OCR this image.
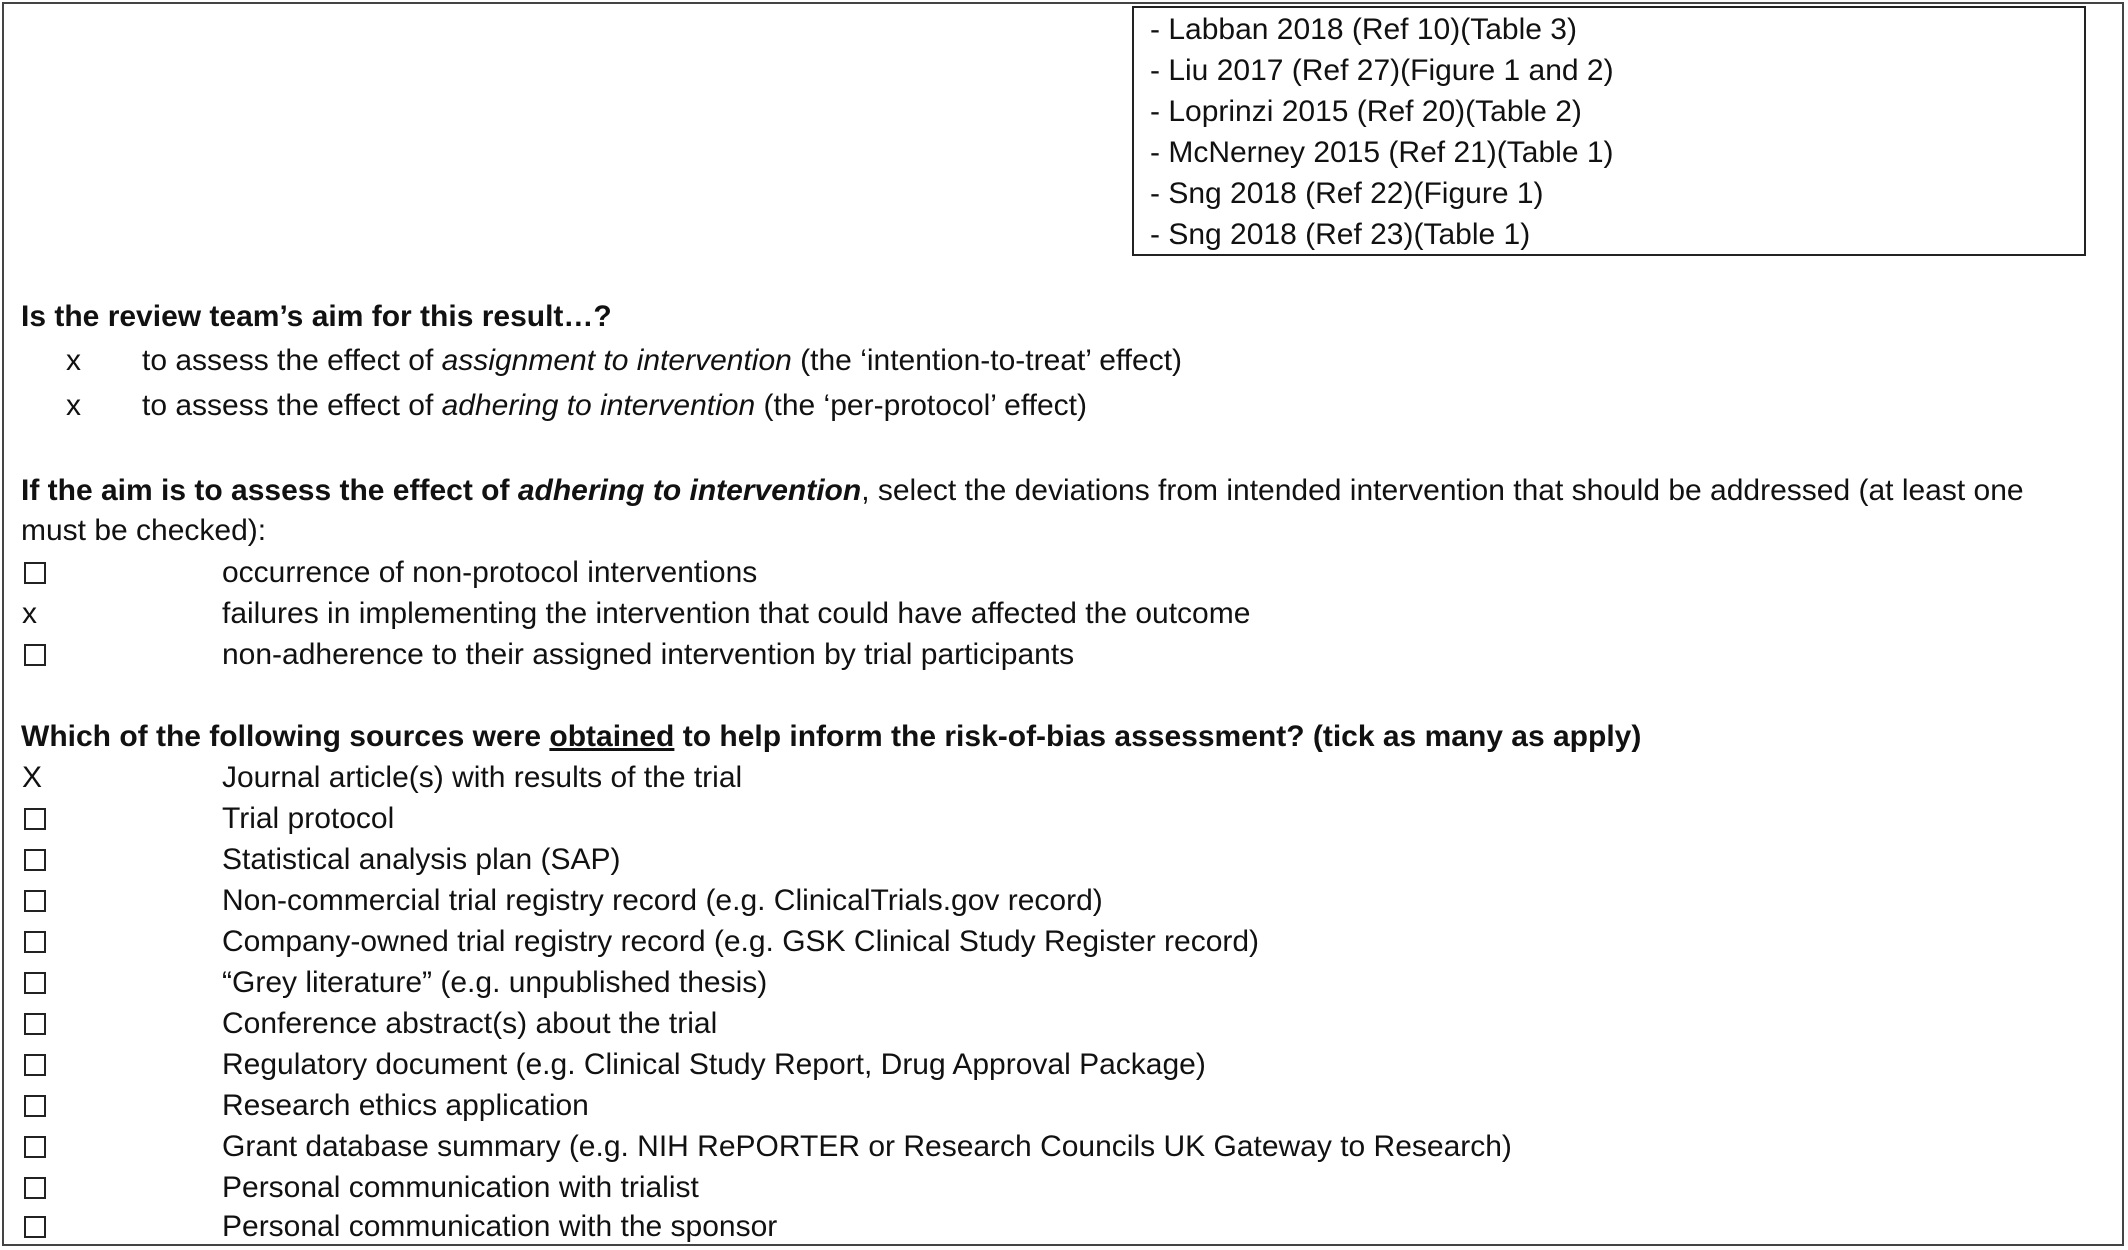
- Labban 2018 (Ref 10)(Table 3)
- Liu 2017 (Ref 27)(Figure 1 and 2)
- Loprinzi 2015 (Ref 20)(Table 2)
- McNerney 2015 (Ref 21)(Table 1)
- Sng 2018 (Ref 22)(Figure 1)
- Sng 2018 (Ref 23)(Table 1)
Is the review team’s aim for this result…?
x to assess the effect of assignment to intervention (the ‘intention-to-treat’ effect)
x to assess the effect of adhering to intervention (the ‘per-protocol’ effect)
If the aim is to assess the effect of adhering to intervention, select the deviations from intended intervention that should be addressed (at least one
must be checked):
occurrence of non-protocol interventions
x	failures in implementing the intervention that could have affected the outcome
non-adherence to their assigned intervention by trial participants
Which of the following sources were obtained to help inform the risk-of-bias assessment? (tick as many as apply)
X	Journal article(s) with results of the trial
Trial protocol
Statistical analysis plan (SAP)
Non-commercial trial registry record (e.g. ClinicalTrials.gov record)
Company-owned trial registry record (e.g. GSK Clinical Study Register record)
“Grey literature” (e.g. unpublished thesis)
Conference abstract(s) about the trial
Regulatory document (e.g. Clinical Study Report, Drug Approval Package)
Research ethics application
Grant database summary (e.g. NIH RePORTER or Research Councils UK Gateway to Research)
Personal communication with trialist
Personal communication with the sponsor
